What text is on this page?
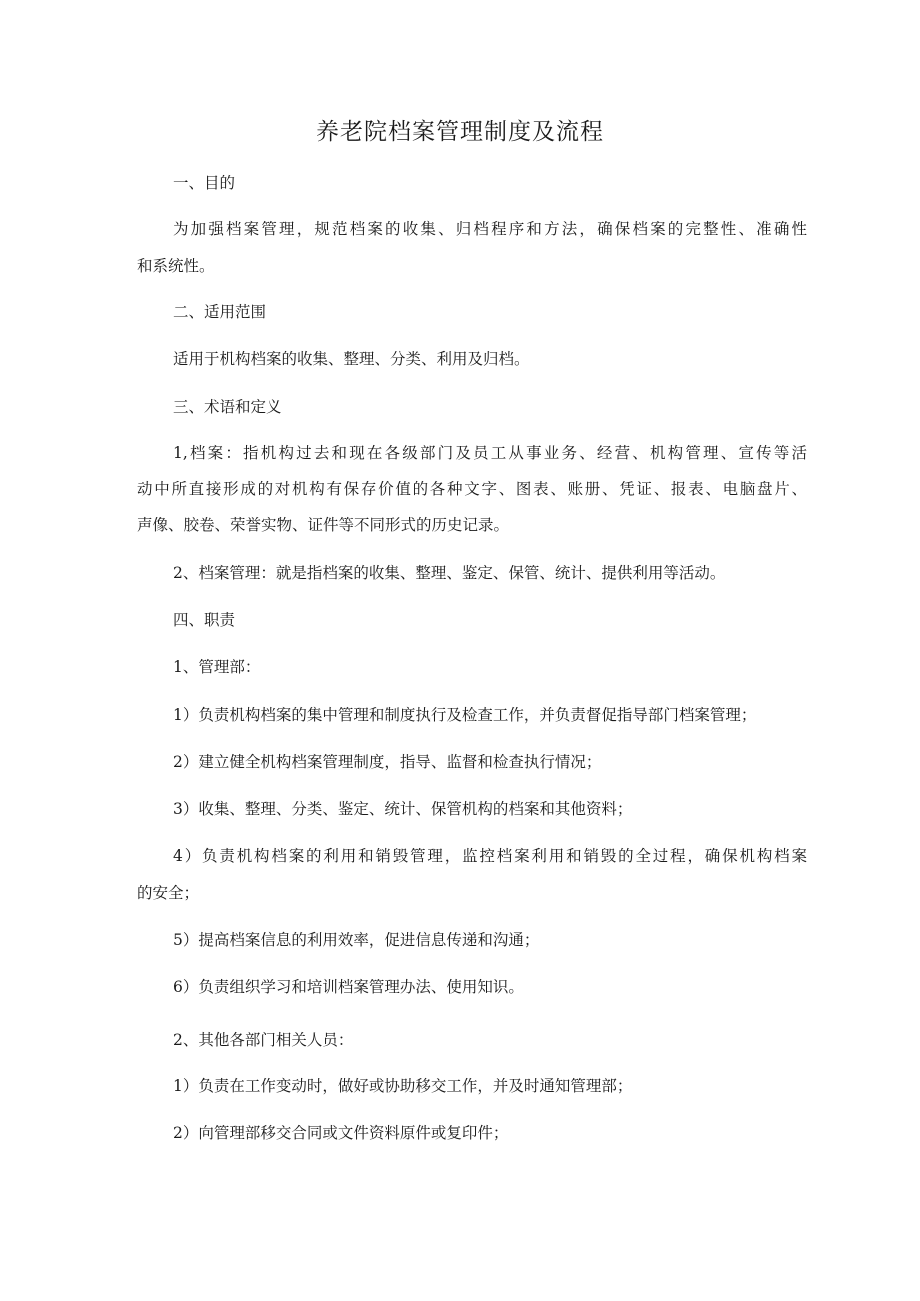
养老院档案管理制度及流程

一、目的

为加强档案管理，规范档案的收集、归档程序和方法，确保档案的完整性、准确性

和系统性。

二、适用范围

适用于机构档案的收集、整理、分类、利用及归档。

三、术语和定义

1,档案：指机构过去和现在各级部门及员工从事业务、经营、机构管理、宣传等活

动中所直接形成的对机构有保存价值的各种文字、图表、账册、凭证、报表、电脑盘片、

声像、胶卷、荣誉实物、证件等不同形式的历史记录。

2、档案管理：就是指档案的收集、整理、鉴定、保管、统计、提供利用等活动。

四、职责

1、管理部：

1）负责机构档案的集中管理和制度执行及检查工作，并负责督促指导部门档案管理；

2）建立健全机构档案管理制度，指导、监督和检查执行情况；

3）收集、整理、分类、鉴定、统计、保管机构的档案和其他资料；

4）负责机构档案的利用和销毁管理，监控档案利用和销毁的全过程，确保机构档案

的安全；

5）提高档案信息的利用效率，促进信息传递和沟通；

6）负责组织学习和培训档案管理办法、使用知识。

2、其他各部门相关人员：

1）负责在工作变动时，做好或协助移交工作，并及时通知管理部；

2）向管理部移交合同或文件资料原件或复印件；
